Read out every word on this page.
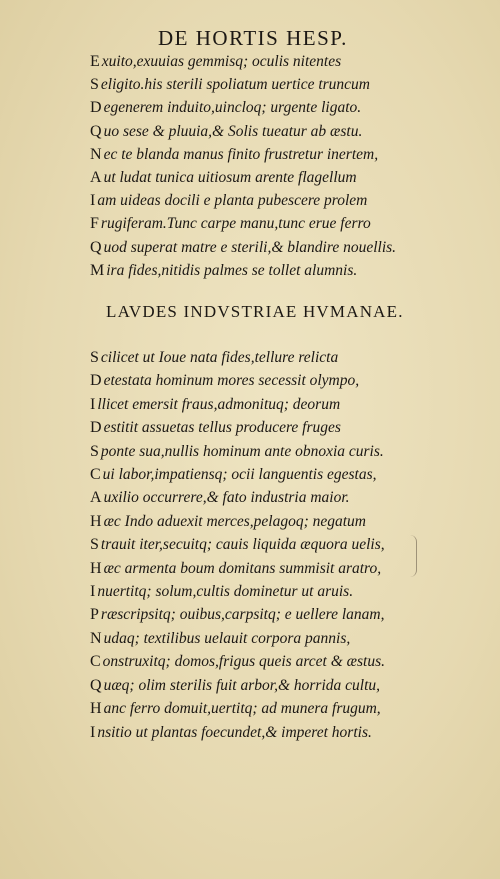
DE HORTIS HESP.
E xuito,exuuias gemmisq; oculis nitentes
S eligito.his sterili spoliatum uertice truncum
D egenerem induito,uincloq; urgente ligato.
Q uo sese & pluuia,& Solis tueatur ab æstu.
N ec te blanda manus finito frustretur inertem,
A ut ludat tunica uitiosum arente flagellum
I am uideas docili e planta pubescere prolem
F rugiferam.Tunc carpe manu,tunc erue ferro
Q uod superat matre e sterili,& blandire nouellis.
M ira fides,nitidis palmes se tollet alumnis.
LAVDES INDVSTRIAE HVMANAE.
S cilicet ut Ioue nata fides,tellure relicta
D etestata hominum mores secessit olympo,
I llicet emersit fraus,admonituq; deorum
D estitit assuetas tellus producere fruges
S ponte sua,nullis hominum ante obnoxia curis.
C ui labor,impatiensq; ocii languentis egestas,
A uxilio occurrere,& fato industria maior.
H æc Indo aduexit merces,pelagoq; negatum
S trauit iter,secuitq; cauis liquida æquora uelis,
H æc armenta boum domitans summisit aratro,
I nuertitq; solum,cultis dominetur ut aruis.
P ræscripsitq; ouibus,carpsitq; e uellere lanam,
N udaq; textilibus uelauit corpora pannis,
C onstruxitq; domos,frigus queis arcet & æstus.
Q uæq; olim sterilis fuit arbor,& horrida cultu,
H anc ferro domuit,uertitq; ad munera frugum,
I nsitio ut plantas foecundet,& imperet hortis.
